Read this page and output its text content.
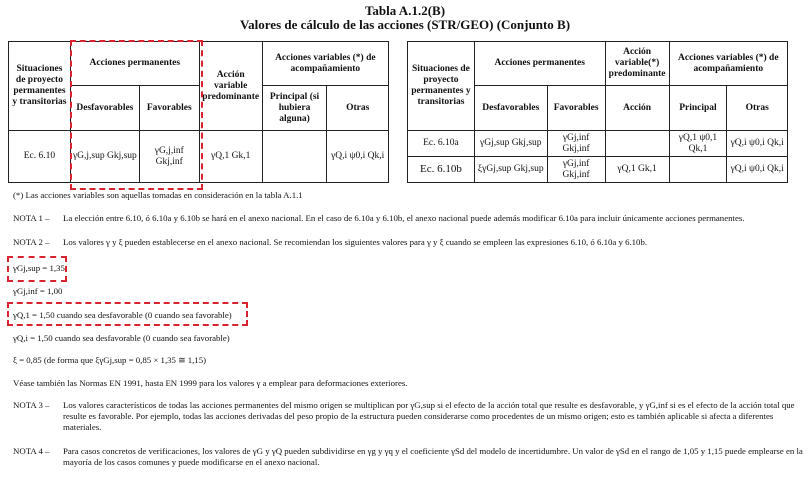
Tabla A.1.2(B)
Valores de cálculo de las acciones (STR/GEO) (Conjunto B)
Situaciones de proyecto permanentes y transitorias	Acciones permanentes		Acción variable predominante	Acciones variables (*) de acompañamiento	
	Desfavorables	Favorables		Principal (si hubiera alguna)	Otras
Ec. 6.10	γG,j,sup Gkj,sup	γG,j,inf Gkj,inf	γQ,1 Gk,1		γQ,i ψ0,i Qk,i
Situaciones de proyecto permanentes y transitorias	Acciones permanentes		Acción variable(*) predominante	Acciones variables (*) de acompañamiento	
	Desfavorables	Favorables	Acción	Principal	Otras
Ec. 6.10a	γGj,sup Gkj,sup	γGj,inf Gkj,inf		γQ,1 ψ0,1 Qk,1	γQ,i ψ0,i Qk,i
Ec. 6.10b	ξγGj,sup Gkj,sup	γGj,inf Gkj,inf	γQ,1 Gk,1		γQ,i ψ0,i Qk,i
(*) Las acciones variables son aquellas tomadas en consideración en la tabla A.1.1
NOTA 1 – La elección entre 6.10, ó 6.10a y 6.10b se hará en el anexo nacional. En el caso de 6.10a y 6.10b, el anexo nacional puede además modificar 6.10a para incluir únicamente acciones permanentes.
NOTA 2 – Los valores γ y ξ pueden establecerse en el anexo nacional. Se recomiendan los siguientes valores para γ y ξ cuando se empleen las expresiones 6.10, ó 6.10a y 6.10b.
γGj,sup = 1,35
γGj,inf = 1,00
γQ,1 = 1,50 cuando sea desfavorable (0 cuando sea favorable)
γQ,i = 1,50 cuando sea desfavorable (0 cuando sea favorable)
ξ = 0,85 (de forma que ξγGj,sup = 0,85 × 1,35 ≅ 1,15)
Véase también las Normas EN 1991, hasta EN 1999 para los valores γ a emplear para deformaciones exteriores.
NOTA 3 – Los valores característicos de todas las acciones permanentes del mismo origen se multiplican por γG,sup si el efecto de la acción total que resulte es desfavorable, y γG,inf si es el efecto de la acción total que resulte es favorable. Por ejemplo, todas las acciones derivadas del peso propio de la estructura pueden considerarse como procedentes de un mismo origen; esto es también aplicable si afecta a diferentes materiales.
NOTA 4 – Para casos concretos de verificaciones, los valores de γG y γQ pueden subdividirse en γg y γq y el coeficiente γSd del modelo de incertidumbre. Un valor de γSd en el rango de 1,05 y 1,15 puede emplearse en la mayoría de los casos comunes y puede modificarse en el anexo nacional.
